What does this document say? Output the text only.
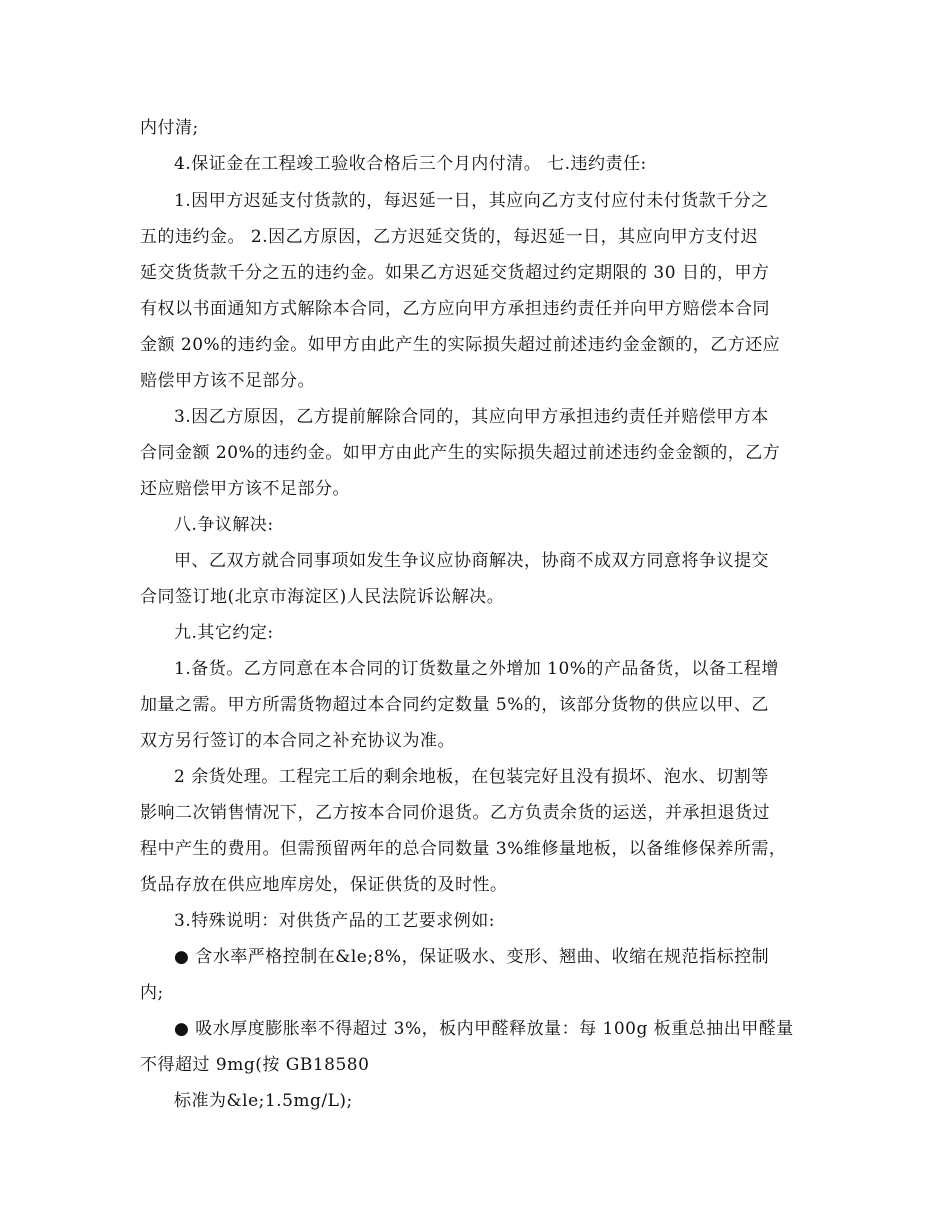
内付清;
4.保证金在工程竣工验收合格后三个月内付清。 七.违约责任:
1.因甲方迟延支付货款的，每迟延一日，其应向乙方支付应付未付货款千分之
五的违约金。 2.因乙方原因，乙方迟延交货的，每迟延一日，其应向甲方支付迟
延交货货款千分之五的违约金。如果乙方迟延交货超过约定期限的 30 日的，甲方
有权以书面通知方式解除本合同，乙方应向甲方承担违约责任并向甲方赔偿本合同
金额 20%的违约金。如甲方由此产生的实际损失超过前述违约金金额的，乙方还应
赔偿甲方该不足部分。
3.因乙方原因，乙方提前解除合同的，其应向甲方承担违约责任并赔偿甲方本
合同金额 20%的违约金。如甲方由此产生的实际损失超过前述违约金金额的，乙方
还应赔偿甲方该不足部分。
八.争议解决:
甲、乙双方就合同事项如发生争议应协商解决，协商不成双方同意将争议提交
合同签订地(北京市海淀区)人民法院诉讼解决。
九.其它约定:
1.备货。乙方同意在本合同的订货数量之外增加 10%的产品备货，以备工程增
加量之需。甲方所需货物超过本合同约定数量 5%的，该部分货物的供应以甲、乙
双方另行签订的本合同之补充协议为准。
2 余货处理。工程完工后的剩余地板，在包装完好且没有损坏、泡水、切割等
影响二次销售情况下，乙方按本合同价退货。乙方负责余货的运送，并承担退货过
程中产生的费用。但需预留两年的总合同数量 3%维修量地板，以备维修保养所需，
货品存放在供应地库房处，保证供货的及时性。
3.特殊说明：对供货产品的工艺要求例如:
● 含水率严格控制在&le;8%，保证吸水、变形、翘曲、收缩在规范指标控制
内;
● 吸水厚度膨胀率不得超过 3%，板内甲醛释放量：每 100g 板重总抽出甲醛量
不得超过 9mg(按 GB18580
标准为&le;1.5mg/L);
